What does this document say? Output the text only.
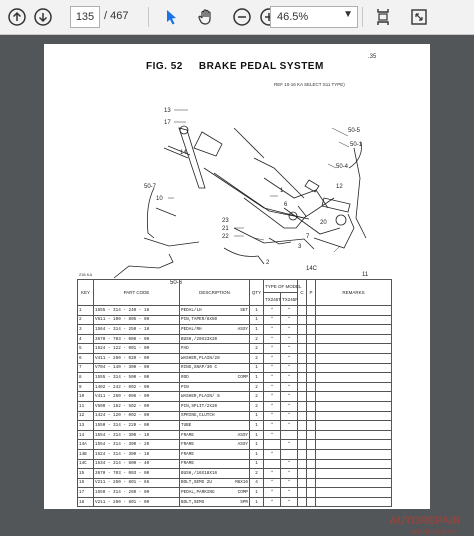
135
/ 467	46.5%	▼
.35
FIG. 52 BRAKE PEDAL SYSTEM
REF 10-16 KA SELECT S11 TYPE)
13
17
50-5
50-1
50-4
50-7
50-6
14
10
23
21
22
1
20
7
3
14C
11
2
12
6
236 KA
KEY	PART CODE	DESCRIPTION	QTY	TYPE OF MODEL		C	P	REMARKS
				TX245T	TX245F			
1	1555 - 314 - 240 - 18	PEDAL/LH SET	1	*	*			
2	V611 - 100 - 805 - 00	PIN,TAPER/8X50	1	*	*			
3	1564 - 314 - 250 - 18	PEDAL/RH ASSY	1	*	*			
4	3670 - 703 - 008 - 00	BUSH,/20X23X20	2	*	*			
5	1524 - 122 - 001 - 00	PAD	2	*	*			
6	V411 - 260 - 020 - 00	WASHER,PLAIN/20	2	*	*			
7	V704 - 140 - 300 - 00	RING,SNAP/30 C	1	*	*			
8	1555 - 314 - 500 - 00	ROD COMP	1	*	*			
9	1402 - 242 - 002 - 00	PIN	2	*	*			
10	V411 - 260 - 008 - 00	WASHER,PLAIN/ 8	2	*	*			
11	V500 - 162 - 502 - 00	PIN,SPLIT/2X20	2	*	*			
12	1424 - 120 - 002 - 00	SPRING,CLUTCH	1	*	*			
13	1550 - 314 - 220 - 00	TUBE	1	*	*			
14	1554 - 314 - 300 - 10	FRAME ASSY	1	*				
14A	1554 - 314 - 300 - 20	FRAME ASSY	1		*			
14B	1524 - 314 - 300 - 10	FRAME	1	*				
14C	1534 - 314 - 800 - 40	FRAME	1		*			
15	3670 - 703 - 003 - 00	BUSH,/16X18X16	2	*	*			
16	V211 - 260 - 801 - 66	BOLT,SEMS 2U M8X16	4	*	*			
17	1550 - 314 - 260 - 00	PEDAL,PARKING COMP	1	*	*			
18	V211 - 260 - 801 - 00	BOLT,SEMS SPR	1	*	*			
AUTOREPAIR
MANUALS.ws
